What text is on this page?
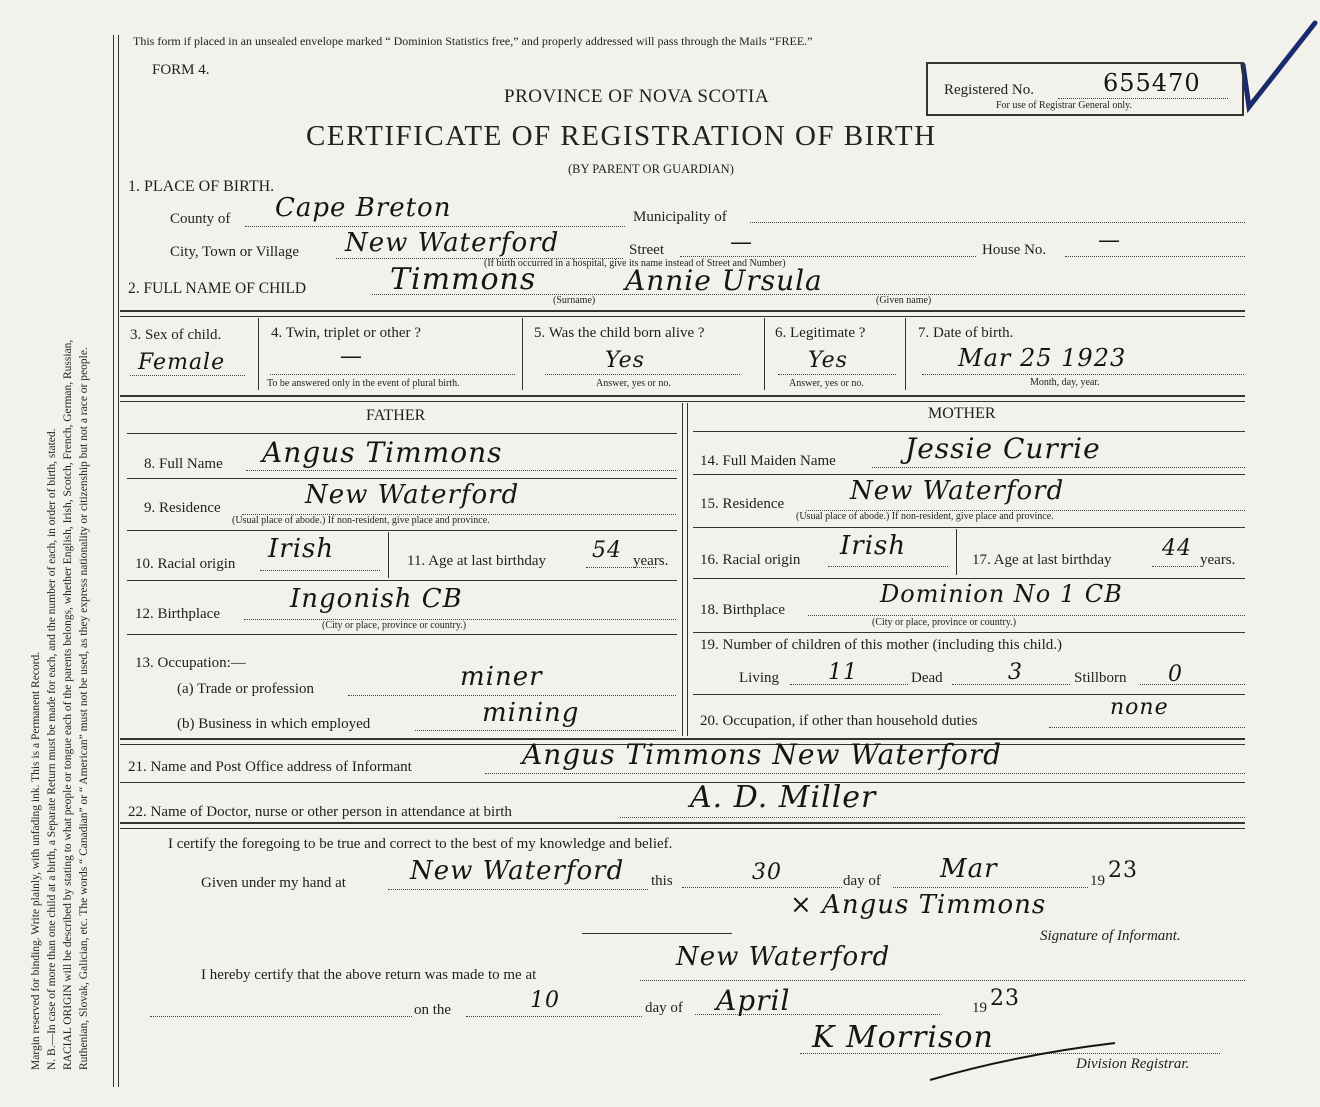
Margin reserved for binding. Write plainly, with unfading ink. This is a Permanent Record. N. B.—In case of more than one child at a birth, a Separate Return must be made for each, and the number of each, in order of birth, stated. RACIAL ORIGIN will be described by stating to what people or tongue each of the parents belongs, whether English, Irish, Scotch, French, German, Russian, Ruthenian, Slovak, Galician, etc. The words “ Canadian” or “ American” must not be used, as they express nationality or citizenship but not a race or people.
This form if placed in an unsealed envelope marked “ Dominion Statistics free,” and properly addressed will pass through the Mails “FREE.”
FORM 4.
PROVINCE OF NOVA SCOTIA
CERTIFICATE OF REGISTRATION OF BIRTH
(BY PARENT OR GUARDIAN)
Registered No.	655470
For use of Registrar General only.
1. PLACE OF BIRTH.
County of Cape Breton	Municipality of
City, Town or Village New Waterford	Street	—	House No. —
(If birth occurred in a hospital, give its name instead of Street and Number)
2. FULL NAME OF CHILD	Timmons	Annie Ursula
(Surname)	(Given name)
3. Sex of child.
Female
4. Twin, triplet or other ?
—
To be answered only in the event of plural birth.
5. Was the child born alive ?
Yes
Answer, yes or no.
6. Legitimate ?
Yes
Answer, yes or no.
7. Date of birth.
Mar 25 1923
Month, day, year.
FATHER	MOTHER
8. Full Name Angus Timmons
9. Residence	New Waterford
(Usual place of abode.) If non-resident, give place and province.
10. Racial origin Irish	11. Age at last birthday 54 years.
12. Birthplace	Ingonish CB
(City or place, province or country.)
13. Occupation:—
(a) Trade or profession	miner
(b) Business in which employed	mining
14. Full Maiden Name Jessie Currie
15. Residence	New Waterford
(Usual place of abode.) If non-resident, give place and province.
16. Racial origin Irish	17. Age at last birthday 44 years.
18. Birthplace
Dominion No 1 CB
(City or place, province or country.)
19. Number of children of this mother (including this child.)
Living 11	Dead	3	Stillborn 0
20. Occupation, if other than household duties
none
21. Name and Post Office address of Informant	Angus Timmons New Waterford
22. Name of Doctor, nurse or other person in attendance at birth	A. D. Miller
I certify the foregoing to be true and correct to the best of my knowledge and belief.
Given under my hand at New Waterford this	30	day of Mar	19 23
× Angus Timmons
Signature of Informant.
I hereby certify that the above return was made to me at
New Waterford
on the	10	day of April	19 23
K Morrison
Division Registrar.
